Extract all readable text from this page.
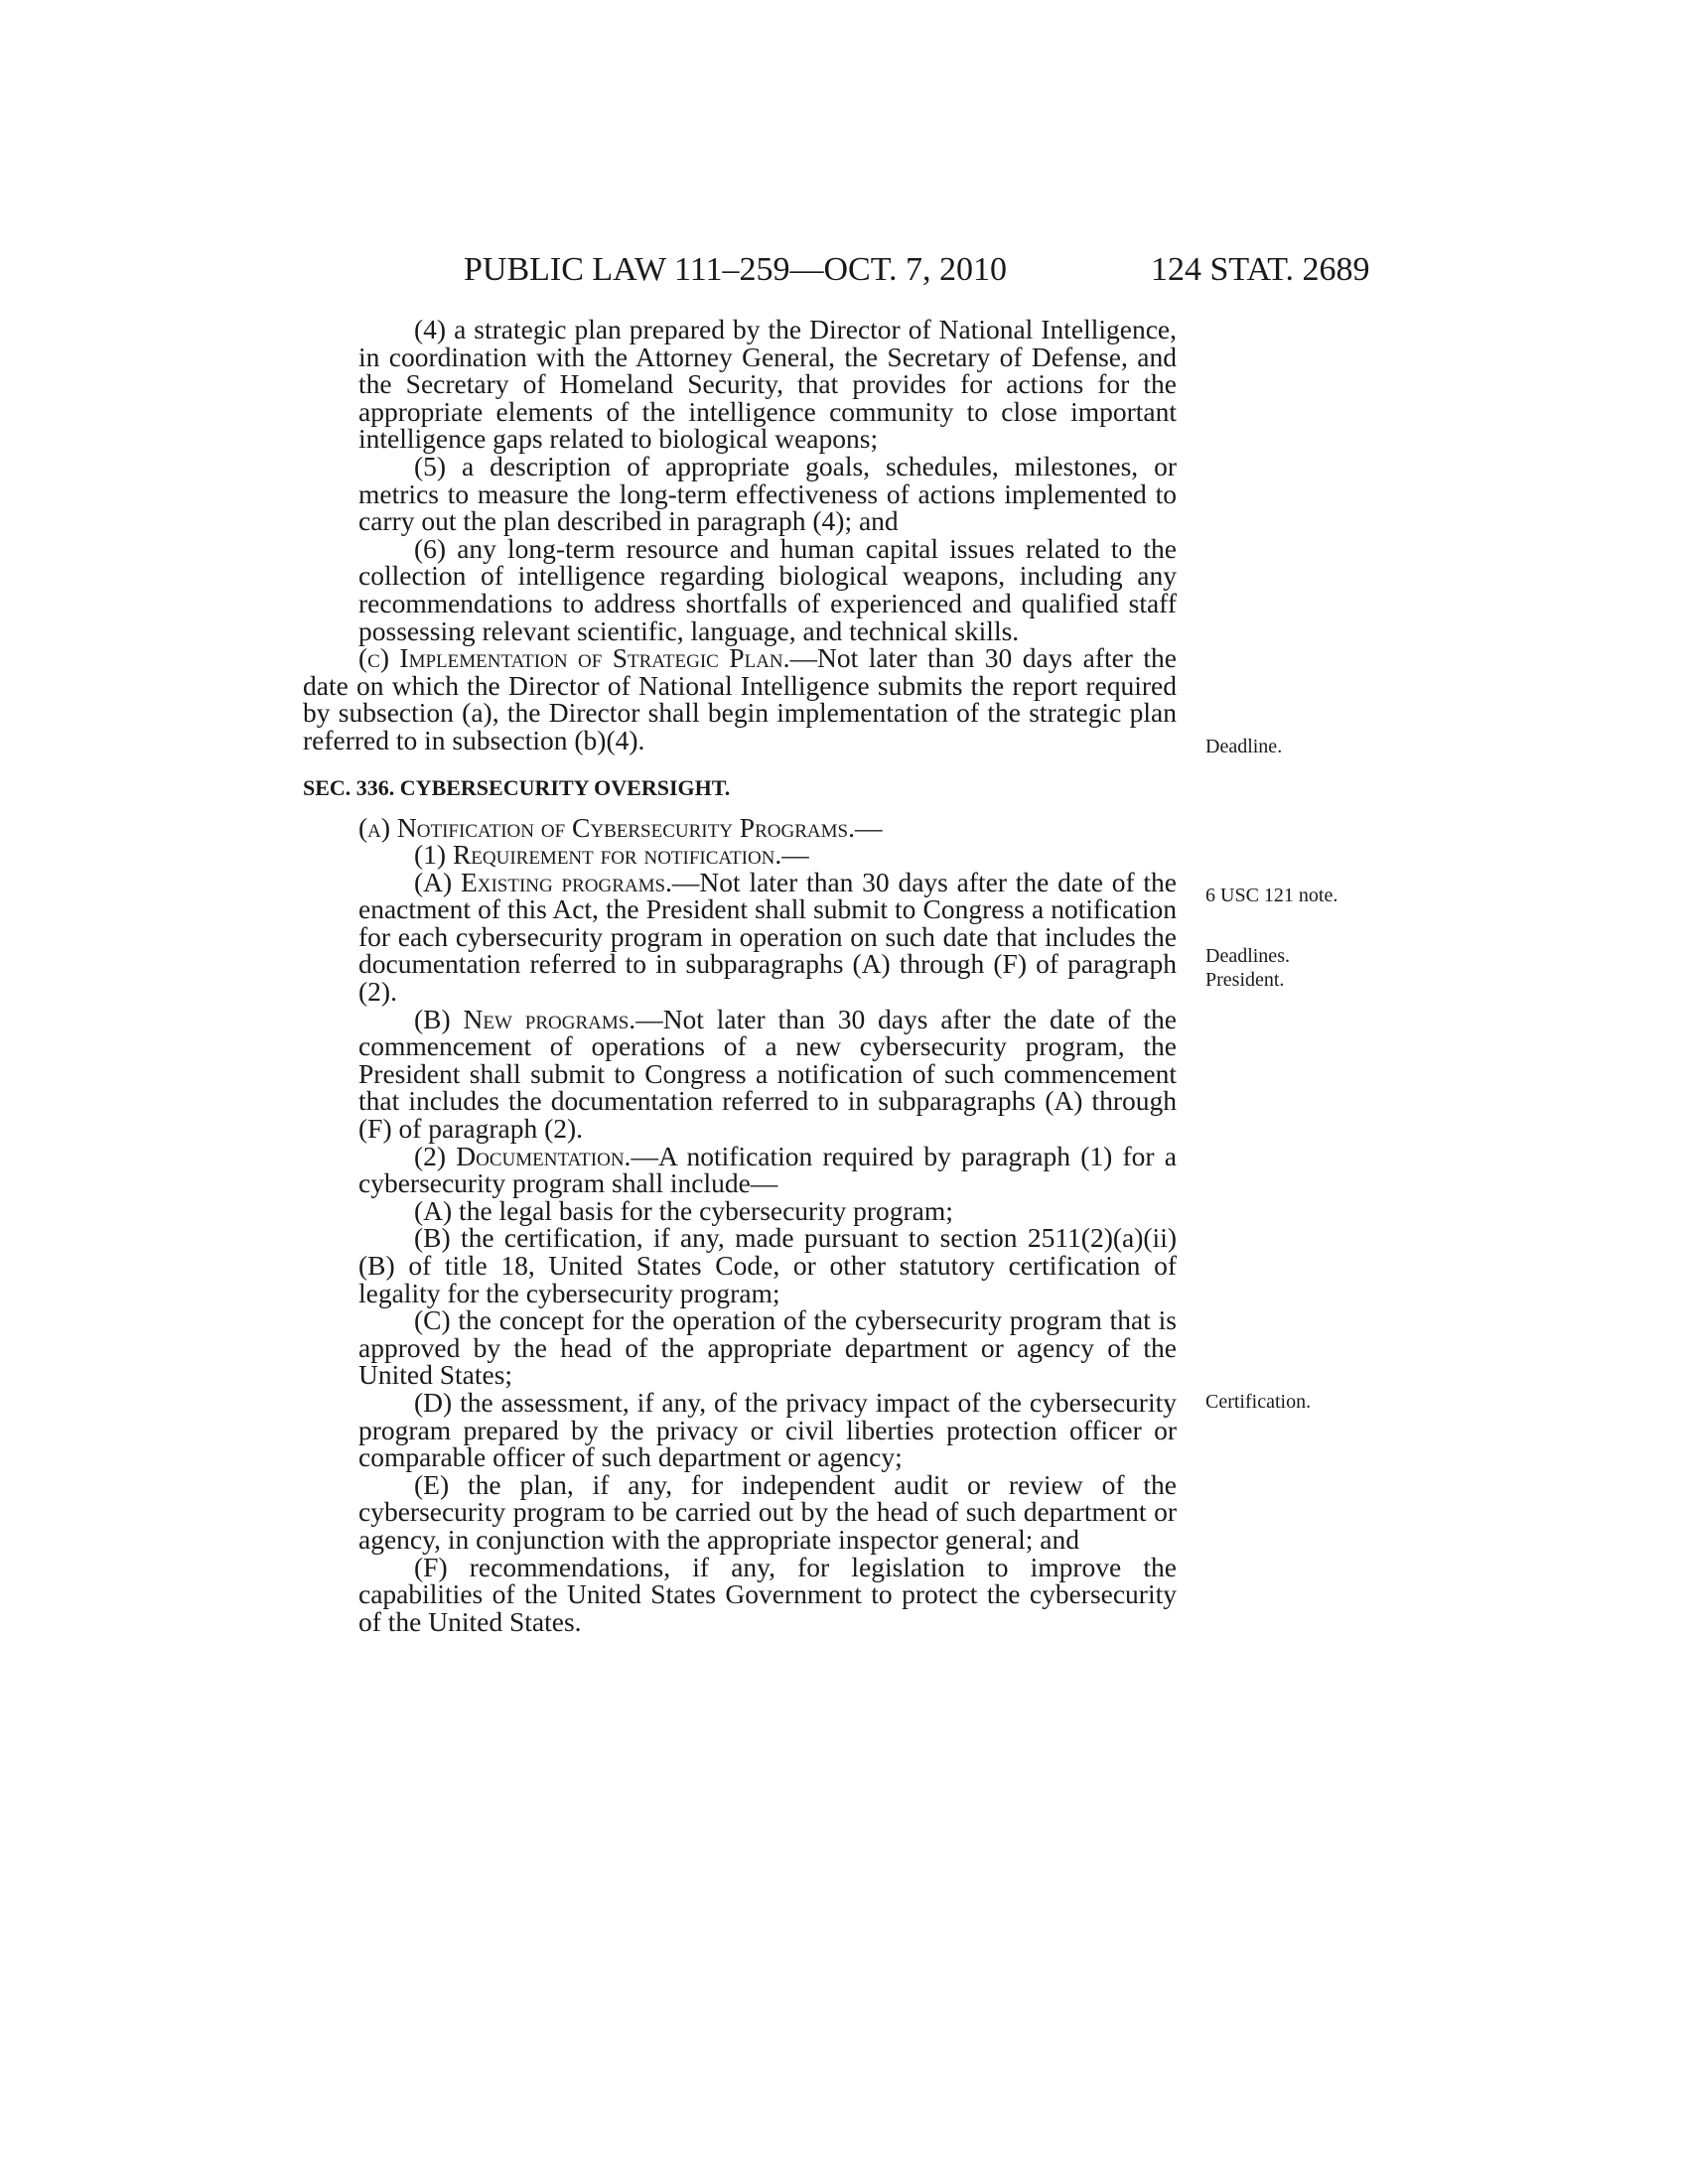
PUBLIC LAW 111–259—OCT. 7, 2010	124 STAT. 2689

(4) a strategic plan prepared by the Director of National Intelligence, in coordination with the Attorney General, the Secretary of Defense, and the Secretary of Homeland Security, that provides for actions for the appropriate elements of the intelligence community to close important intelligence gaps related to biological weapons;

(5) a description of appropriate goals, schedules, milestones, or metrics to measure the long-term effectiveness of actions implemented to carry out the plan described in paragraph (4); and

(6) any long-term resource and human capital issues related to the collection of intelligence regarding biological weapons, including any recommendations to address shortfalls of experienced and qualified staff possessing relevant scientific, language, and technical skills.

(c) Implementation of Strategic Plan.—Not later than 30 days after the date on which the Director of National Intelligence submits the report required by subsection (a), the Director shall begin implementation of the strategic plan referred to in subsection (b)(4).

SEC. 336. CYBERSECURITY OVERSIGHT.

(a) Notification of Cybersecurity Programs.—

(1) Requirement for notification.—

(A) Existing programs.—Not later than 30 days after the date of the enactment of this Act, the President shall submit to Congress a notification for each cybersecurity program in operation on such date that includes the documentation referred to in subparagraphs (A) through (F) of paragraph (2).

(B) New programs.—Not later than 30 days after the date of the commencement of operations of a new cybersecurity program, the President shall submit to Congress a notification of such commencement that includes the documentation referred to in subparagraphs (A) through (F) of paragraph (2).

(2) Documentation.—A notification required by paragraph (1) for a cybersecurity program shall include—

(A) the legal basis for the cybersecurity program;

(B) the certification, if any, made pursuant to section 2511(2)(a)(ii)(B) of title 18, United States Code, or other statutory certification of legality for the cybersecurity program;

(C) the concept for the operation of the cybersecurity program that is approved by the head of the appropriate department or agency of the United States;

(D) the assessment, if any, of the privacy impact of the cybersecurity program prepared by the privacy or civil liberties protection officer or comparable officer of such department or agency;

(E) the plan, if any, for independent audit or review of the cybersecurity program to be carried out by the head of such department or agency, in conjunction with the appropriate inspector general; and

(F) recommendations, if any, for legislation to improve the capabilities of the United States Government to protect the cybersecurity of the United States.

Deadline.
6 USC 121 note.
Deadlines.
President.
Certification.
